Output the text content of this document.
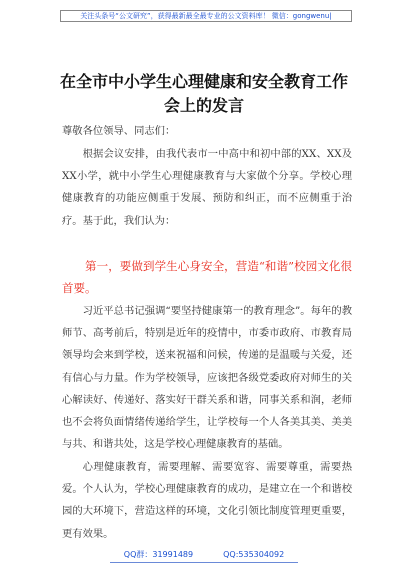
关注头条号“公文研究”，获得最新最全最专业的公文资料库！ 微信：gongwenu|
在全市中小学生心理健康和安全教育工作
会上的发言
尊敬各位领导、同志们：
根据会议安排，由我代表市一中高中和初中部的XX、XX及XX小学，就中小学生心理健康教育与大家做个分享。学校心理健康教育的功能应侧重于发展、预防和纠正，而不应侧重于治疗。基于此，我们认为：
第一，要做到学生心身安全，营造“和谐”校园文化很首要。
习近平总书记强调“要坚持健康第一的教育理念”。每年的教师节、高考前后，特别是近年的疫情中，市委市政府、市教育局领导均会来到学校，送来祝福和问候，传递的是温暖与关爱，还有信心与力量。作为学校领导，应该把各级党委政府对师生的关心解读好、传递好、落实好干群关系和谐，同事关系和润，老师也不会将负面情绪传递给学生，让学校每一个人各美其美、美美与共、和谐共处，这是学校心理健康教育的基础。
心理健康教育，需要理解、需要宽容、需要尊重，需要热爱。个人认为，学校心理健康教育的成功，是建立在一个和谐校园的大环境下，营造这样的环境，文化引领比制度管理更重要，更有效果。
QQ群：31991489	QQ:535304092
